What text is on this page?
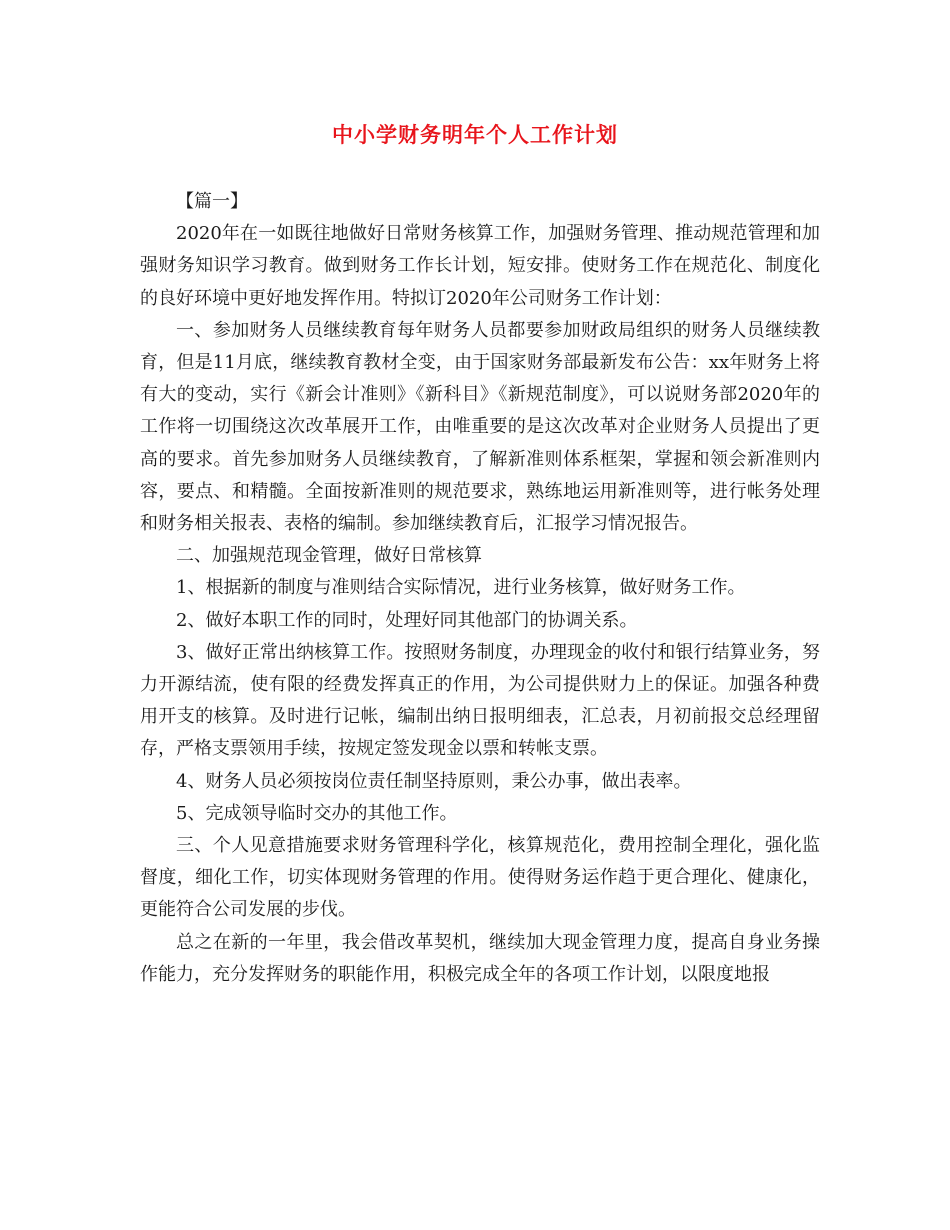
中小学财务明年个人工作计划

【篇一】

2020年在一如既往地做好日常财务核算工作，加强财务管理、推动规范管理和加强财务知识学习教育。做到财务工作长计划，短安排。使财务工作在规范化、制度化的良好环境中更好地发挥作用。特拟订2020年公司财务工作计划：

一、参加财务人员继续教育每年财务人员都要参加财政局组织的财务人员继续教育，但是11月底，继续教育教材全变，由于国家财务部最新发布公告：xx年财务上将有大的变动，实行《新会计准则》《新科目》《新规范制度》，可以说财务部2020年的工作将一切围绕这次改革展开工作，由唯重要的是这次改革对企业财务人员提出了更高的要求。首先参加财务人员继续教育，了解新准则体系框架，掌握和领会新准则内容，要点、和精髓。全面按新准则的规范要求，熟练地运用新准则等，进行帐务处理和财务相关报表、表格的编制。参加继续教育后，汇报学习情况报告。

二、加强规范现金管理，做好日常核算

1、根据新的制度与准则结合实际情况，进行业务核算，做好财务工作。

2、做好本职工作的同时，处理好同其他部门的协调关系。

3、做好正常出纳核算工作。按照财务制度，办理现金的收付和银行结算业务，努力开源结流，使有限的经费发挥真正的作用，为公司提供财力上的保证。加强各种费用开支的核算。及时进行记帐，编制出纳日报明细表，汇总表，月初前报交总经理留存，严格支票领用手续，按规定签发现金以票和转帐支票。

4、财务人员必须按岗位责任制坚持原则，秉公办事，做出表率。

5、完成领导临时交办的其他工作。

三、个人见意措施要求财务管理科学化，核算规范化，费用控制全理化，强化监督度，细化工作，切实体现财务管理的作用。使得财务运作趋于更合理化、健康化，更能符合公司发展的步伐。

总之在新的一年里，我会借改革契机，继续加大现金管理力度，提高自身业务操作能力，充分发挥财务的职能作用，积极完成全年的各项工作计划，以限度地报
